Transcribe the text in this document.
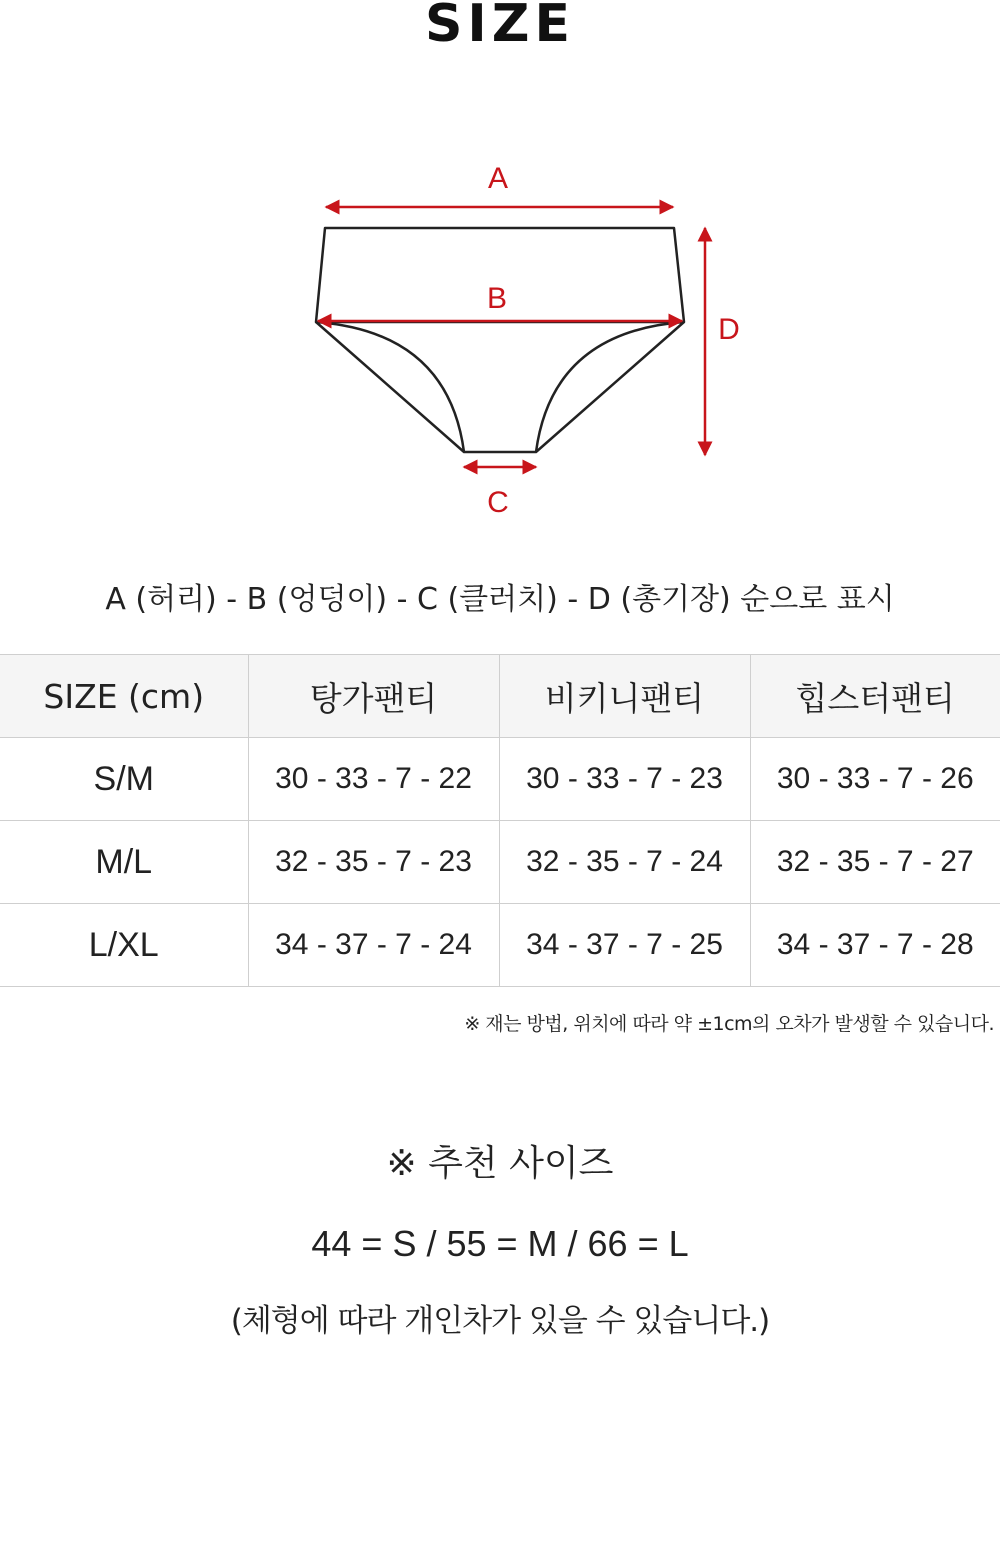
SIZE
A
B
C
D
A (허리) - B (엉덩이) - C (클러치) - D (총기장) 순으로 표시
SIZE (cm)	탕가팬티	비키니팬티	힙스터팬티
S/M	30 - 33 - 7 - 22	30 - 33 - 7 - 23	30 - 33 - 7 - 26
M/L	32 - 35 - 7 - 23	32 - 35 - 7 - 24	32 - 35 - 7 - 27
L/XL	34 - 37 - 7 - 24	34 - 37 - 7 - 25	34 - 37 - 7 - 28
※ 재는 방법, 위치에 따라 약 ±1cm의 오차가 발생할 수 있습니다.
※ 추천 사이즈
44 = S / 55 = M / 66 = L
(체형에 따라 개인차가 있을 수 있습니다.)
